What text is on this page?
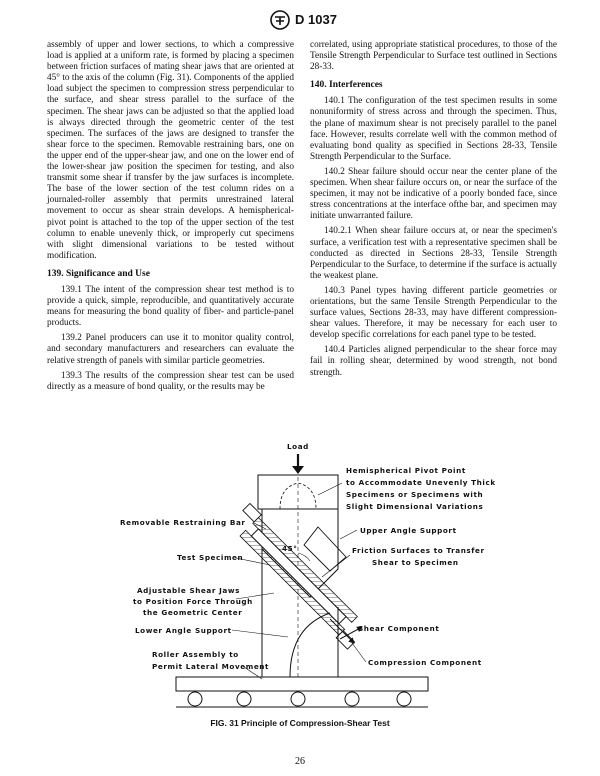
D 1037

assembly of upper and lower sections, to which a compressive load is applied at a uniform rate, is formed by placing a specimen between friction surfaces of mating shear jaws that are oriented at 45° to the axis of the column (Fig. 31). Components of the applied load subject the specimen to compression stress perpendicular to the surface, and shear stress parallel to the surface of the specimen. The shear jaws can be adjusted so that the applied load is always directed through the geometric center of the test specimen. The surfaces of the jaws are designed to transfer the shear force to the specimen. Removable restraining bars, one on the upper end of the upper-shear jaw, and one on the lower end of the lower-shear jaw position the specimen for testing, and also transmit some shear if transfer by the jaw surfaces is incomplete. The base of the lower section of the test column rides on a journaled-roller assembly that permits unrestrained lateral movement to occur as shear strain develops. A hemispherical-pivot point is attached to the top of the upper section of the test column to enable unevenly thick, or improperly cut specimens with slight dimensional variations to be tested without modification.

139. Significance and Use

139.1 The intent of the compression shear test method is to provide a quick, simple, reproducible, and quantitatively accurate means for measuring the bond quality of fiber- and particle-panel products.

139.2 Panel producers can use it to monitor quality control, and secondary manufacturers and researchers can evaluate the relative strength of panels with similar particle geometries.

139.3 The results of the compression shear test can be used directly as a measure of bond quality, or the results may be

correlated, using appropriate statistical procedures, to those of the Tensile Strength Perpendicular to Surface test outlined in Sections 28-33.

140. Interferences

140.1 The configuration of the test specimen results in some nonuniformity of stress across and through the specimen. Thus, the plane of maximum shear is not precisely parallel to the panel face. However, results correlate well with the common method of evaluating bond quality as specified in Sections 28-33, Tensile Strength Perpendicular to the Surface.

140.2 Shear failure should occur near the center plane of the specimen. When shear failure occurs on, or near the surface of the specimen, it may not be indicative of a poorly bonded face, since stress concentrations at the interface ofthe bar, and specimen may initiate unwarranted failure.

140.2.1 When shear failure occurs at, or near the specimen's surface, a verification test with a representative specimen shall be conducted as directed in Sections 28-33, Tensile Strength Perpendicular to the Surface, to determine if the surface is actually the weakest plane.

140.3 Panel types having different particle geometries or orientations, but the same Tensile Strength Perpendicular to the surface values, Sections 28-33, may have different compression-shear values. Therefore, it may be necessary for each user to develop specific correlations for each panel type to be tested.

140.4 Particles aligned perpendicular to the shear force may fail in rolling shear, determined by wood strength, not bond strength.

Load
45°
Hemispherical Pivot Point
to Accommodate Unevenly Thick
Specimens or Specimens with
Slight Dimensional Variations
Upper Angle Support
Friction Surfaces to Transfer
Shear to Specimen
Shear Component
Compression Component
Removable Restraining Bar
Test Specimen
Adjustable Shear Jaws
to Position Force Through
the Geometric Center
Lower Angle Support
Roller Assembly to
Permit Lateral Movement
FIG. 31 Principle of Compression-Shear Test
26
